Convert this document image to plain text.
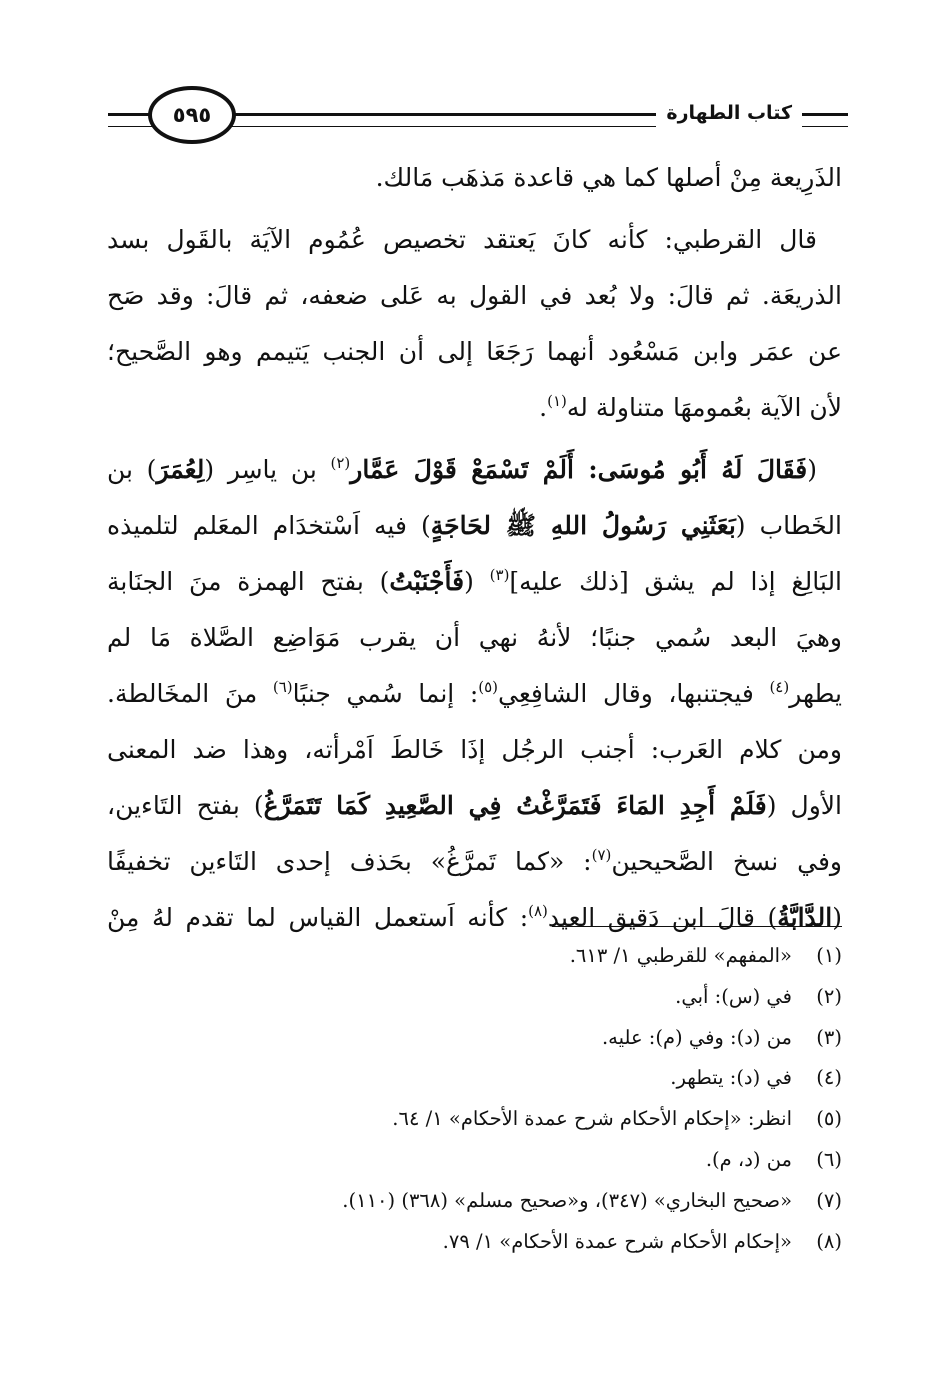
كتاب الطهارة
٥٩٥
الذَرِيعة مِنْ أصلها كما هي قاعدة مَذهَب مَالك.
 قال القرطبي: كأنه كانَ يَعتقد تخصيص عُمُوم الآيَة بالقَول بسد
الذريعَة. ثم قالَ: ولا بُعد في القول به عَلى ضعفه، ثم قالَ: وقد صَح
عن عمَر وابن مَسْعُود أنهما رَجَعَا إلى أن الجنب يَتيمم وهو الصَّحيح؛
لأن الآية بعُمومهَا متناولة له$^{(١)}$.
 (فَقَالَ لَهُ أَبُو مُوسَى: أَلَمْ تَسْمَعْ قَوْلَ عَمَّار$^{(٢)}$ بن ياسِر (لِعُمَرَ) بن
الخَطاب (بَعَثَنِي رَسُولُ اللهِ ﷺ لحَاجَةٍ) فيه اَسْتخدَام المعَلم لتلميذه
البَالِغ إذا لم يشق [ذلك عليه]$^{(٣)}$ (فَأَجْنَبْتُ) بفتح الهمزة منَ الجنَابة
وهيَ البعد سُمي جنبًا؛ لأنهُ نهي أن يقرب مَوَاضِع الصَّلاة مَا لم
يطهر$^{(٤)}$ فيجتنبها، وقال الشافِعِي$^{(٥)}$: إنما سُمي جنبًا$^{(٦)}$ منَ المخَالطة.
ومن كلام العَرب: أجنب الرجُل إذَا خَالطَ اَمْرأته، وهذا ضد المعنى
الأول (فَلَمْ أَجِدِ المَاءَ فَتَمَرَّغْتُ فِي الصَّعِيدِ كَمَا تَتَمَرَّغُ) بفتح التَاءين،
وفي نسخ الصَّحيحين$^{(٧)}$: «كما تَمرَّغُ» بحَذف إحدى التَاءين تخفيفًا
(الدَّابَّةُ) قالَ ابن دَقيق العيد$^{(٨)}$: كأنه اَستعمل القياس لما تقدم لهُ مِنْ
(١)
«المفهم» للقرطبي ١/ ٦١٣.
(٢)
في (س): أبي.
(٣)
من (د): وفي (م): عليه.
(٤)
في (د): يتطهر.
(٥)
انظر: «إحكام الأحكام شرح عمدة الأحكام» ١/ ٦٤.
(٦)
من (د، م).
(٧)
«صحيح البخاري» (٣٤٧)، و«صحيح مسلم» (٣٦٨) (١١٠).
(٨)
«إحكام الأحكام شرح عمدة الأحكام» ١/ ٧٩.
